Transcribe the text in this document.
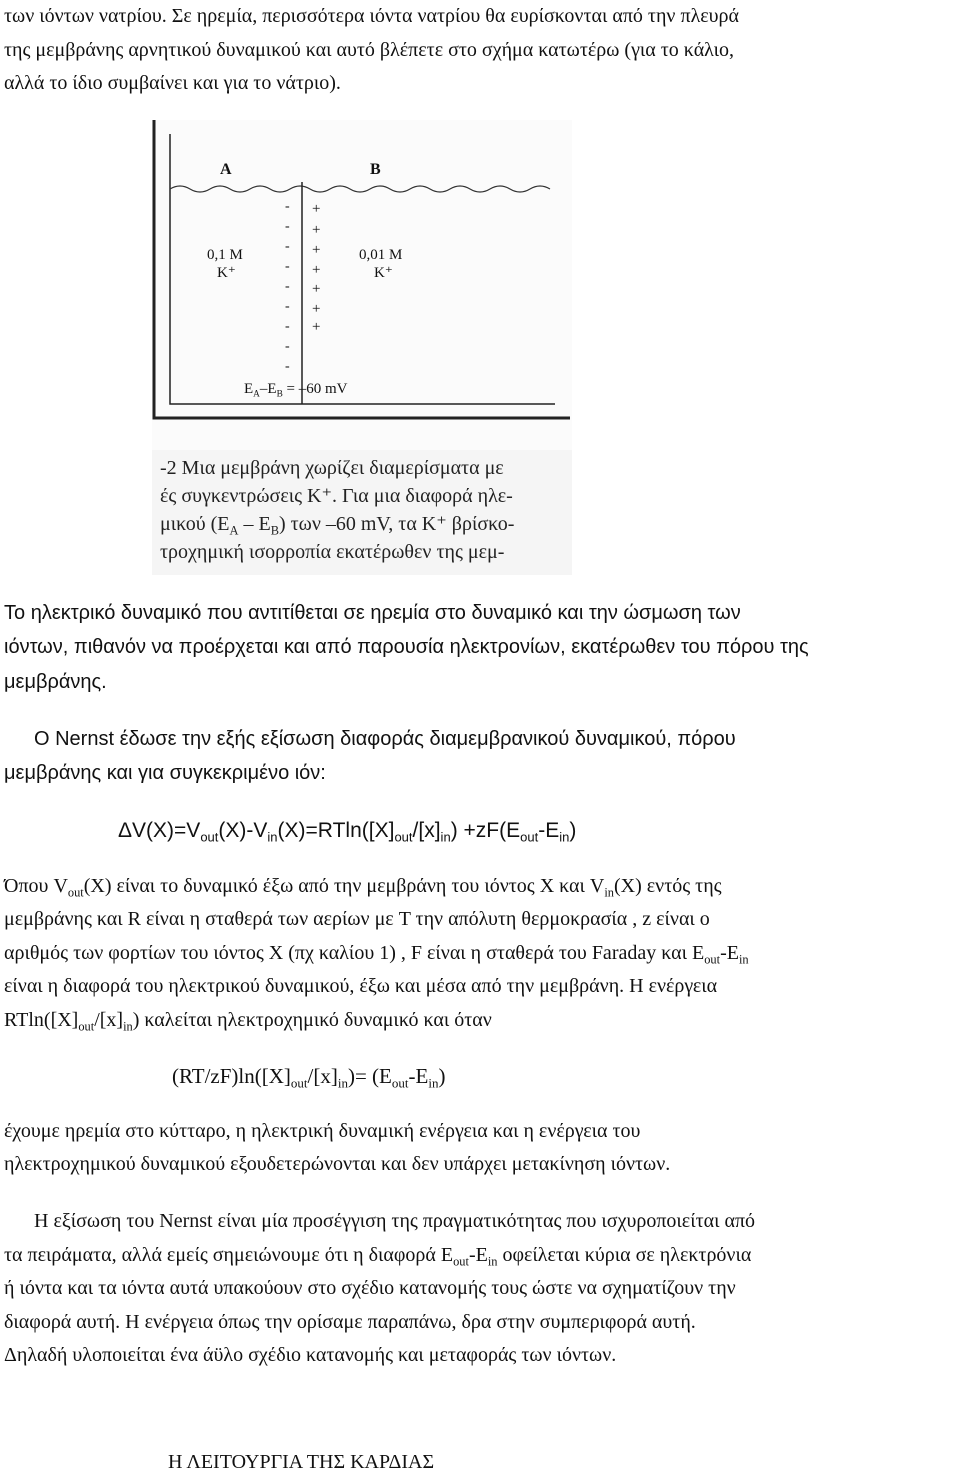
των ιόντων νατρίου. Σε ηρεμία, περισσότερα ιόντα νατρίου θα ευρίσκονται από την πλευρά
της μεμβράνης αρνητικού δυναμικού και αυτό βλέπετε στο σχήμα κατωτέρω (για το κάλιο,
αλλά το ίδιο συμβαίνει και για το νάτριο).
A	B
0,1 M
K⁺
0,01 M
K⁺
-
-
-
-
-
-
-
-
-
+
+
+
+
+
+
+
$E_A-E_B = -60$ mV
-2 Μια μεμβράνη χωρίζει διαμερίσματα με
ές συγκεντρώσεις K⁺. Για μια διαφορά ηλε-
μικού $(E_A - E_B)$ των –60 mV, τα K⁺ βρίσκο-
τροχημική ισορροπία εκατέρωθεν της μεμ-
Το ηλεκτρικό δυναμικό που αντιτίθεται σε ηρεμία στο δυναμικό και την ώσμωση των
ιόντων, πιθανόν να προέρχεται και από παρουσία ηλεκτρονίων, εκατέρωθεν του πόρου της
μεμβράνης.
Ο Nernst έδωσε την εξής εξίσωση διαφοράς διαμεμβρανικού δυναμικού, πόρου
μεμβράνης και για συγκεκριμένο ιόν:
$\Delta V(X)=V_{out}(X)-V_{in}(X)=RTln([X]_{out}/[x]_{in}) +zF(E_{out}-E_{in})$
Όπου $V_{out}(X)$ είναι το δυναμικό έξω από την μεμβράνη του ιόντος X και $V_{in}(X)$ εντός της
μεμβράνης και R είναι η σταθερά των αερίων με T την απόλυτη θερμοκρασία , z είναι ο
αριθμός των φορτίων του ιόντος X (πχ καλίου 1) , F είναι η σταθερά του Faraday και $E_{out}-E_{in}$
είναι η διαφορά του ηλεκτρικού δυναμικού, έξω και μέσα από την μεμβράνη. Η ενέργεια
$RTln([X]_{out}/[x]_{in})$ καλείται ηλεκτροχημικό δυναμικό και όταν
$(RT/zF)\ln([X]_{out}/[x]_{in})= (E_{out}-E_{in})$
έχουμε ηρεμία στο κύτταρο, η ηλεκτρική δυναμική ενέργεια και η ενέργεια του
ηλεκτροχημικού δυναμικού εξουδετερώνονται και δεν υπάρχει μετακίνηση ιόντων.
Η εξίσωση του Nernst είναι μία προσέγγιση της πραγματικότητας που ισχυροποιείται από
τα πειράματα, αλλά εμείς σημειώνουμε ότι η διαφορά $E_{out}-E_{in}$ οφείλεται κύρια σε ηλεκτρόνια
ή ιόντα και τα ιόντα αυτά υπακούουν στο σχέδιο κατανομής τους ώστε να σχηματίζουν την
διαφορά αυτή. Η ενέργεια όπως την ορίσαμε παραπάνω, δρα στην συμπεριφορά αυτή.
Δηλαδή υλοποιείται ένα άϋλο σχέδιο κατανομής και μεταφοράς των ιόντων.
Η ΛΕΙΤΟΥΡΓΙΑ ΤΗΣ ΚΑΡΔΙΑΣ
